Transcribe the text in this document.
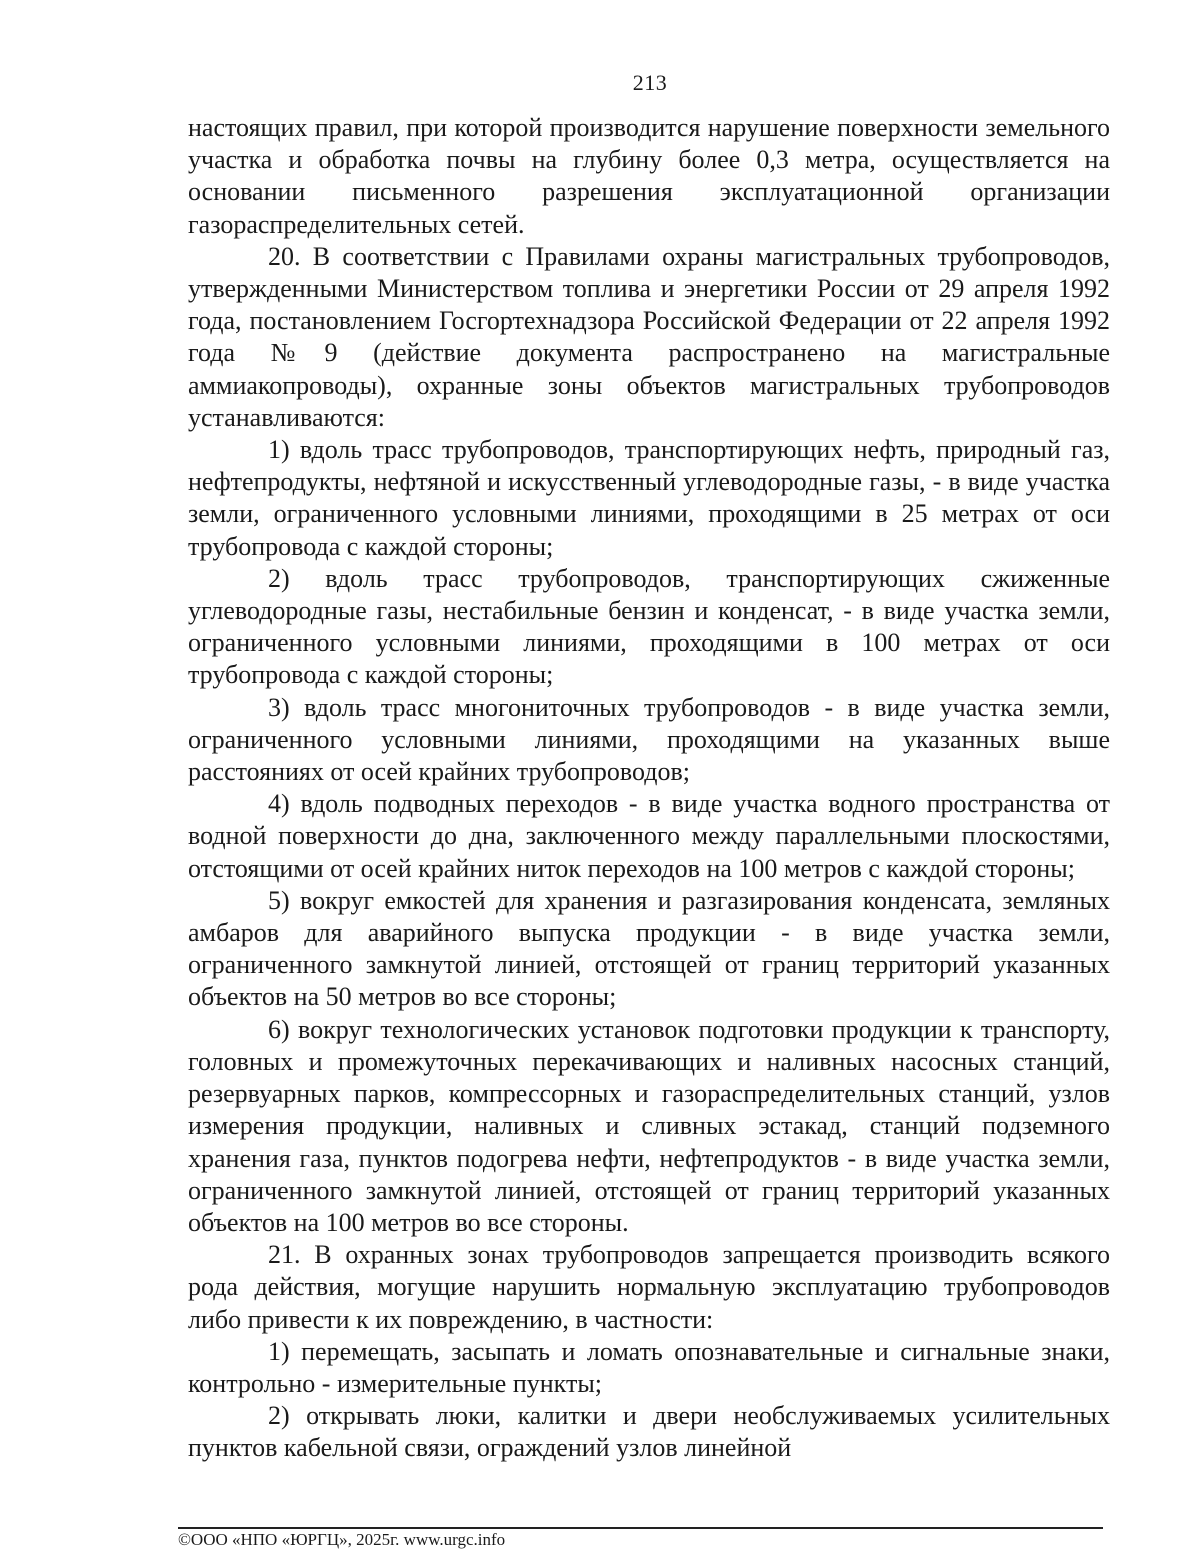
213

настоящих правил, при которой производится нарушение поверхности земельного участка и обработка почвы на глубину более 0,3 метра, осуществляется на основании письменного разрешения эксплуатационной организации газораспределительных сетей.

20. В соответствии с Правилами охраны магистральных трубопроводов, утвержденными Министерством топлива и энергетики России от 29 апреля 1992 года, постановлением Госгортехнадзора Российской Федерации от 22 апреля 1992 года №9 (действие документа распространено на магистральные аммиакопроводы), охранные зоны объектов магистральных трубопроводов устанавливаются:

1) вдоль трасс трубопроводов, транспортирующих нефть, природный газ, нефтепродукты, нефтяной и искусственный углеводородные газы, - в виде участка земли, ограниченного условными линиями, проходящими в 25 метрах от оси трубопровода с каждой стороны;

2) вдоль трасс трубопроводов, транспортирующих сжиженные углеводородные газы, нестабильные бензин и конденсат, - в виде участка земли, ограниченного условными линиями, проходящими в 100 метрах от оси трубопровода с каждой стороны;

3) вдоль трасс многониточных трубопроводов - в виде участка земли, ограниченного условными линиями, проходящими на указанных выше расстояниях от осей крайних трубопроводов;

4) вдоль подводных переходов - в виде участка водного пространства от водной поверхности до дна, заключенного между параллельными плоскостями, отстоящими от осей крайних ниток переходов на 100 метров с каждой стороны;

5) вокруг емкостей для хранения и разгазирования конденсата, земляных амбаров для аварийного выпуска продукции - в виде участка земли, ограниченного замкнутой линией, отстоящей от границ территорий указанных объектов на 50 метров во все стороны;

6) вокруг технологических установок подготовки продукции к транспорту, головных и промежуточных перекачивающих и наливных насосных станций, резервуарных парков, компрессорных и газораспределительных станций, узлов измерения продукции, наливных и сливных эстакад, станций подземного хранения газа, пунктов подогрева нефти, нефтепродуктов - в виде участка земли, ограниченного замкнутой линией, отстоящей от границ территорий указанных объектов на 100 метров во все стороны.

21. В охранных зонах трубопроводов запрещается производить всякого рода действия, могущие нарушить нормальную эксплуатацию трубопроводов либо привести к их повреждению, в частности:

1) перемещать, засыпать и ломать опознавательные и сигнальные знаки, контрольно - измерительные пункты;

2) открывать люки, калитки и двери необслуживаемых усилительных пунктов кабельной связи, ограждений узлов линейной

©ООО «НПО «ЮРГЦ», 2025г. www.urgc.info
